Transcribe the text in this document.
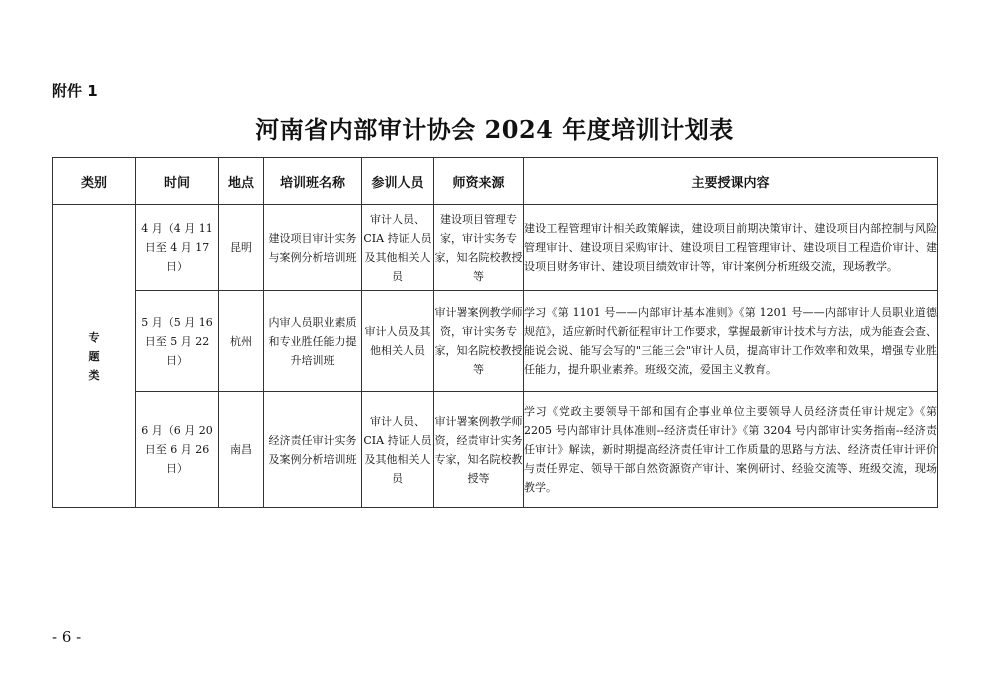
附件 1
河南省内部审计协会 2024 年度培训计划表
类别	时间	地点	培训班名称	参训人员	师资来源	主要授课内容

专
题
类	4 月（4 月 11 日至 4 月 17 日）	昆明	建设项目审计实务与案例分析培训班	审计人员、CIA 持证人员及其他相关人员	建设项目管理专家，审计实务专家，知名院校教授等	建设工程管理审计相关政策解读，建设项目前期决策审计、建设项目内部控制与风险管理审计、建设项目采购审计、建设项目工程管理审计、建设项目工程造价审计、建设项目财务审计、建设项目绩效审计等，审计案例分析班级交流，现场教学。
	5 月（5 月 16 日至 5 月 22 日）	杭州	内审人员职业素质和专业胜任能力提升培训班	审计人员及其他相关人员	审计署案例教学师资，审计实务专家，知名院校教授等	学习《第 1101 号——内部审计基本准则》《第 1201 号——内部审计人员职业道德规范》，适应新时代新征程审计工作要求，掌握最新审计技术与方法，成为能查会查、能说会说、能写会写的"三能三会"审计人员，提高审计工作效率和效果，增强专业胜任能力，提升职业素养。班级交流，爱国主义教育。
	6 月（6 月 20 日至 6 月 26 日）	南昌	经济责任审计实务及案例分析培训班	审计人员、CIA 持证人员及其他相关人员	审计署案例教学师资，经责审计实务专家，知名院校教授等	学习《党政主要领导干部和国有企事业单位主要领导人员经济责任审计规定》《第 2205 号内部审计具体准则--经济责任审计》《第 3204 号内部审计实务指南--经济责任审计》解读，新时期提高经济责任审计工作质量的思路与方法、经济责任审计评价与责任界定、领导干部自然资源资产审计、案例研讨、经验交流等、班级交流，现场教学。
- 6 -
